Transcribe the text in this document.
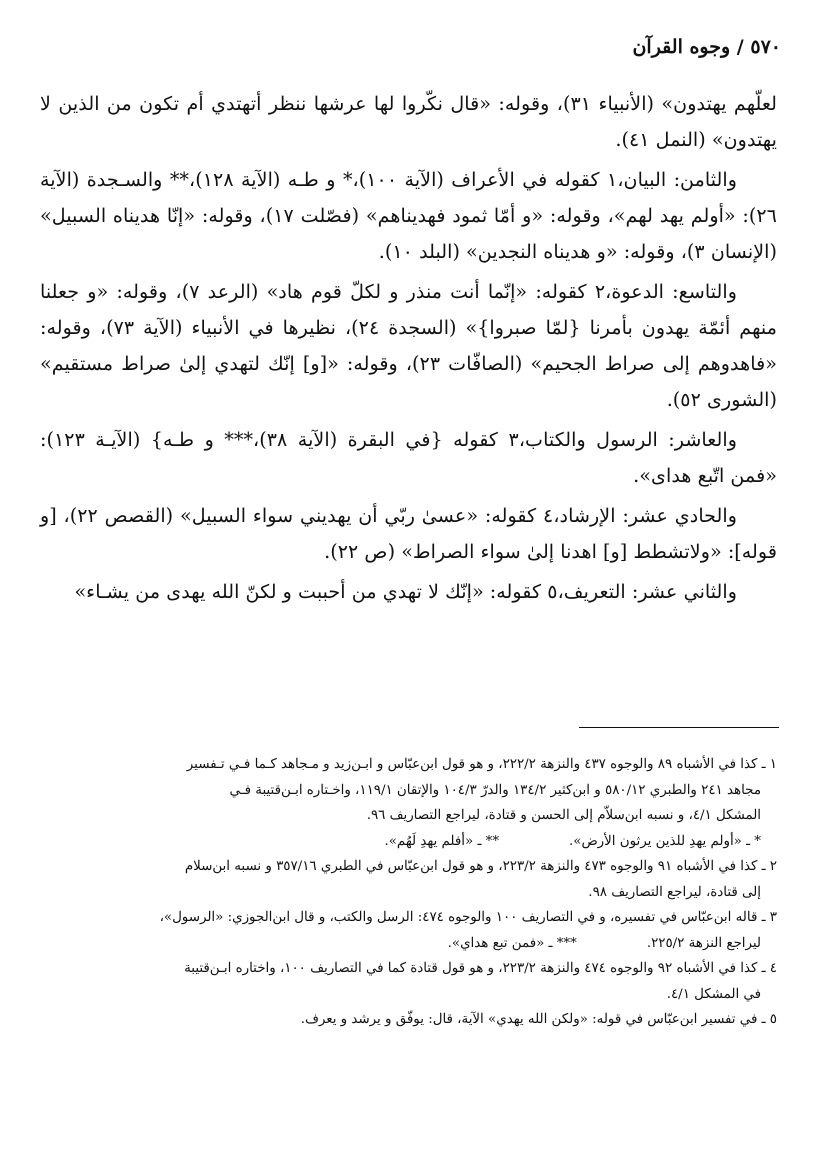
٥٧٠ / وجوه القرآن

لعلّهم يهتدون» (الأنبياء ٣١)، وقوله: «قال نكّروا لها عرشها ننظر أتهتدي أم تكون من الذين لا يهتدون» (النمل ٤١).

والثامن: البيان،١ كقوله في الأعراف (الآية ١٠٠)،* و طـه (الآية ١٢٨)،** والسـجدة (الآية ٢٦): «أولم يهد لهم»، وقوله: «و أمّا ثمود فهديناهم» (فصّلت ١٧)، وقوله: «إنّا هديناه السبيل» (الإنسان ٣)، وقوله: «و هديناه النجدين» (البلد ١٠).

والتاسع: الدعوة،٢ كقوله: «إنّما أنت منذر و لكلّ قوم هاد» (الرعد ٧)، وقوله: «و جعلنا منهم أئمّة يهدون بأمرنا {لمّا صبروا}» (السجدة ٢٤)، نظيرها في الأنبياء (الآية ٧٣)، وقوله: «فاهدوهم إلى صراط الجحيم» (الصافّات ٢٣)، وقوله: «[و] إنّك لتهدي إلىٰ صراط مستقيم» (الشورى ٥٢).

والعاشر: الرسول والكتاب،٣ كقوله {في البقرة (الآية ٣٨)،*** و طـه} (الآيـة ١٢٣): «فمن اتّبع هداى».

والحادي عشر: الإرشاد،٤ كقوله: «عسىٰ ربّي أن يهديني سواء السبيل» (القصص ٢٢)، [و قوله]: «ولاتشطط [و] اهدنا إلىٰ سواء الصراط» (ص ٢٢).

والثاني عشر: التعريف،٥ كقوله: «إنّك لا تهدي من أحببت و لكنّ الله يهدى من يشـاء»

١ ـ كذا في الأشباه ٨٩ والوجوه ٤٣٧ والنزهة ٢٢٢/٢، و هو قول ابن‌عبّاس و ابـن‌زيد و مـجاهد كـما فـي تـفسير
مجاهد ٢٤١ والطبري ٥٨٠/١٢ و ابن‌كثير ١٣٤/٢ والدرّ ١٠٤/٣ والإتقان ١١٩/١، واخـتاره ابـن‌قتيبة فـي
المشكل ٤/١، و نسبه ابن‌سلاّم إلى الحسن و قتادة، ليراجع التصاريف ٩٦.

* ـ «أولم يهدِ للذين يرثون الأرض».
** ـ «أفلم يهدِ لَهُم».

٢ ـ كذا في الأشباه ٩١ والوجوه ٤٧٣ والنزهة ٢٢٣/٢، و هو قول ابن‌عبّاس في الطبري ٣٥٧/١٦ و نسبه ابن‌سلام
إلى قتادة، ليراجع التصاريف ٩٨.

٣ ـ قاله ابن‌عبّاس في تفسيره، و في التصاريف ١٠٠ والوجوه ٤٧٤: الرسل والكتب، و قال ابن‌الجوزي: «الرسول»،

ليراجع النزهة ٢٢٥/٢.
*** ـ «فمن تبع هداي».

٤ ـ كذا في الأشباه ٩٢ والوجوه ٤٧٤ والنزهة ٢٢٣/٢، و هو قول قتادة كما في التصاريف ١٠٠، واختاره ابـن‌قتيبة
في المشكل ٤/١.

٥ ـ في تفسير ابن‌عبّاس في قوله: «ولكن الله يهدي» الآية، قال: يوفّق و يرشد و يعرف.
